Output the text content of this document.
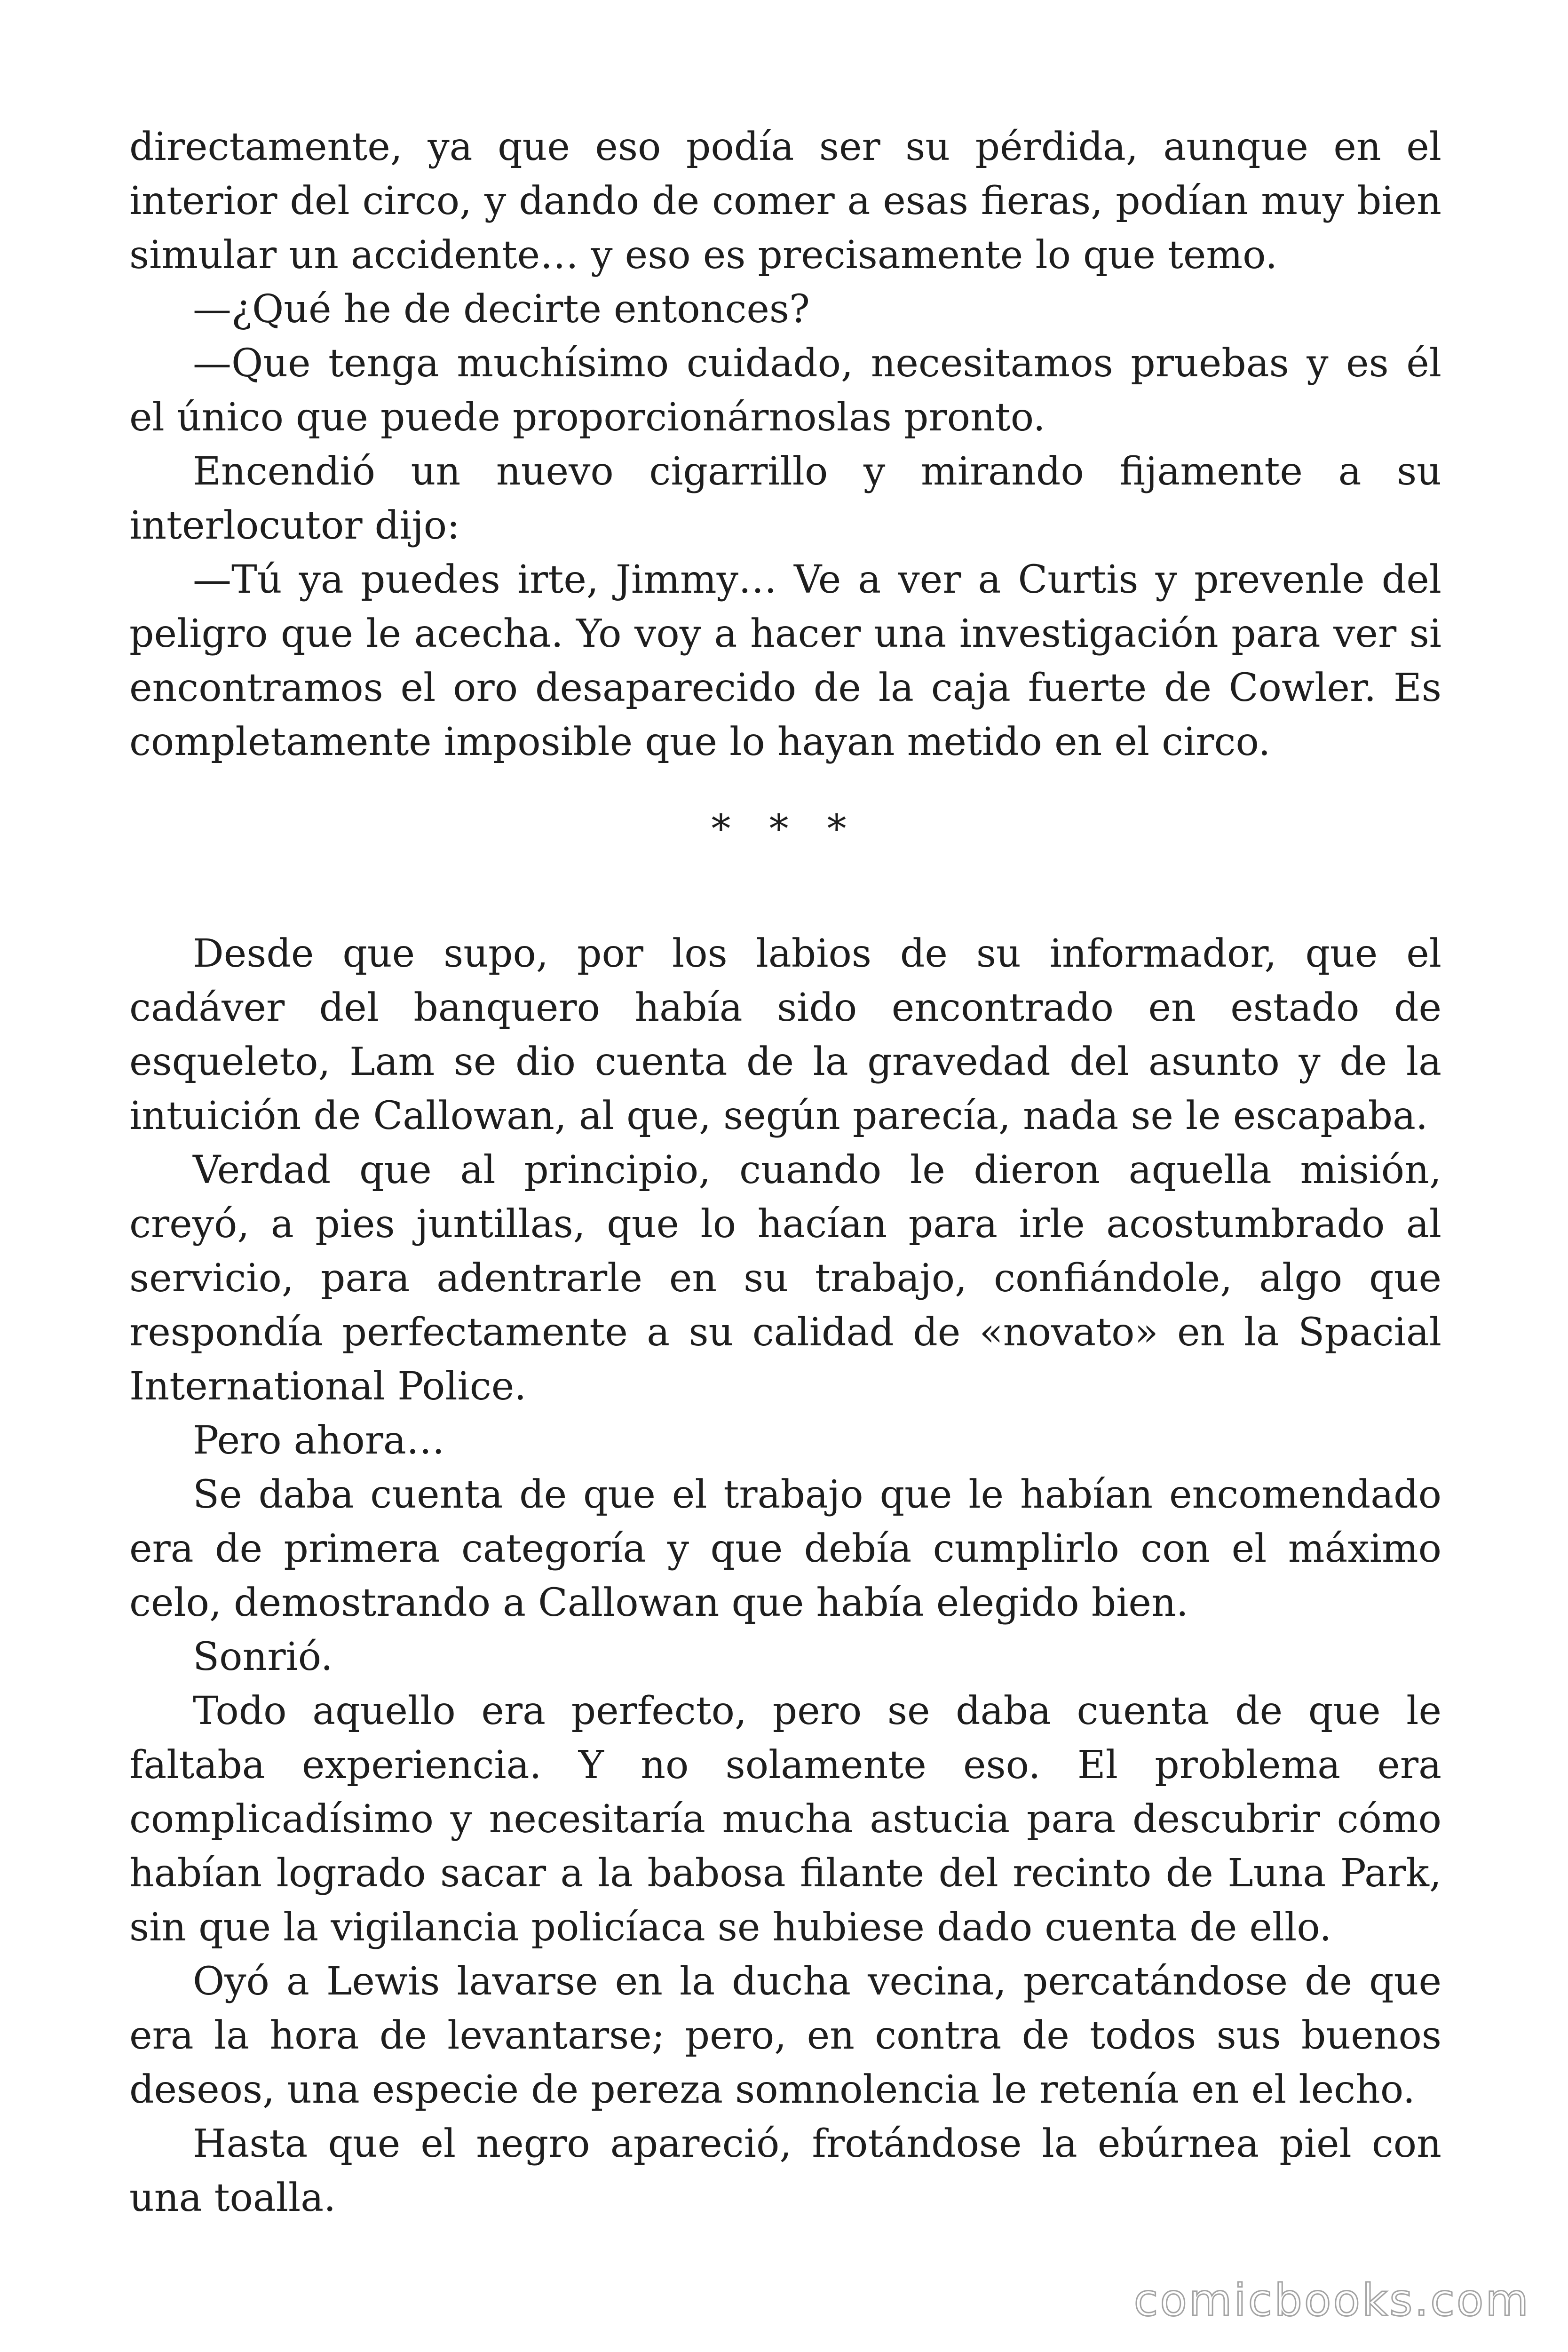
directamente, ya que eso podía ser su pérdida, aunque en el interior del circo, y dando de comer a esas fieras, podían muy bien simular un accidente… y eso es precisamente lo que temo.

—¿Qué he de decirte entonces?

—Que tenga muchísimo cuidado, necesitamos pruebas y es él el único que puede proporcionárnoslas pronto.

Encendió un nuevo cigarrillo y mirando fijamente a su interlocutor dijo:

—Tú ya puedes irte, Jimmy… Ve a ver a Curtis y prevenle del peligro que le acecha. Yo voy a hacer una investigación para ver si encontramos el oro desaparecido de la caja fuerte de Cowler. Es completamente imposible que lo hayan metido en el circo.

* * *

Desde que supo, por los labios de su informador, que el cadáver del banquero había sido encontrado en estado de esqueleto, Lam se dio cuenta de la gravedad del asunto y de la intuición de Callowan, al que, según parecía, nada se le escapaba.

Verdad que al principio, cuando le dieron aquella misión, creyó, a pies juntillas, que lo hacían para irle acostumbrado al servicio, para adentrarle en su trabajo, confiándole, algo que respondía perfectamente a su calidad de «novato» en la Spacial International Police.

Pero ahora…

Se daba cuenta de que el trabajo que le habían encomendado era de primera categoría y que debía cumplirlo con el máximo celo, demostrando a Callowan que había elegido bien.

Sonrió.

Todo aquello era perfecto, pero se daba cuenta de que le faltaba experiencia. Y no solamente eso. El problema era complicadísimo y necesitaría mucha astucia para descubrir cómo habían logrado sacar a la babosa filante del recinto de Luna Park, sin que la vigilancia policíaca se hubiese dado cuenta de ello.

Oyó a Lewis lavarse en la ducha vecina, percatándose de que era la hora de levantarse; pero, en contra de todos sus buenos deseos, una especie de pereza somnolencia le retenía en el lecho.

Hasta que el negro apareció, frotándose la ebúrnea piel con una toalla.

comicbooks.com
